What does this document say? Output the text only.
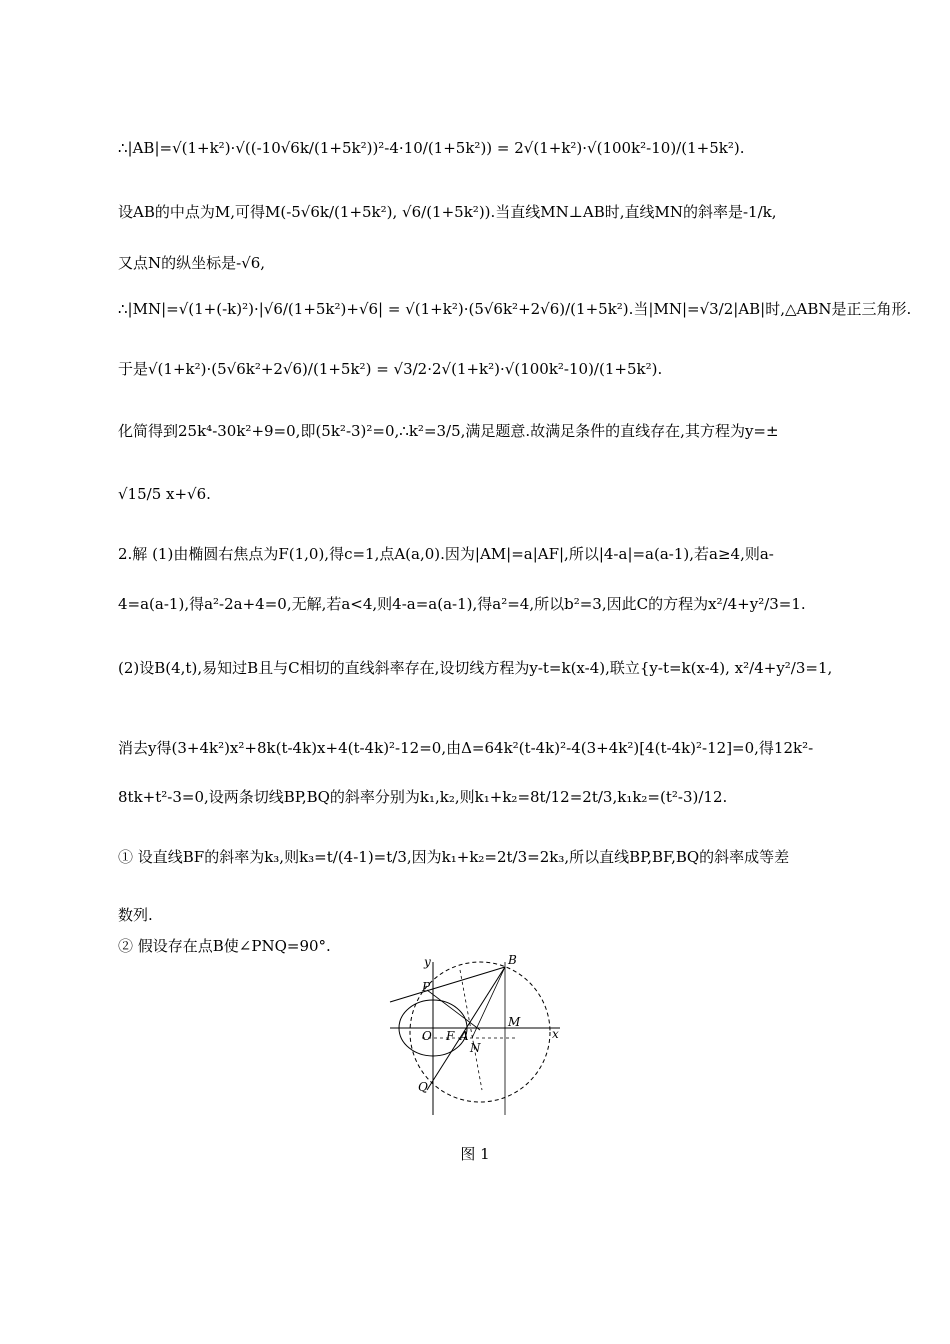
∴|AB|=√(1+k²)·√((-10√6k/(1+5k²))²-4·10/(1+5k²)) = 2√(1+k²)·√(100k²-10)/(1+5k²).
设AB的中点为M,可得M(-5√6k/(1+5k²), √6/(1+5k²)).当直线MN⊥AB时,直线MN的斜率是-1/k,
又点N的纵坐标是-√6,
∴|MN|=√(1+(-k)²)·|√6/(1+5k²)+√6| = √(1+k²)·(5√6k²+2√6)/(1+5k²).当|MN|=√3/2|AB|时,△ABN是正三角形.
于是√(1+k²)·(5√6k²+2√6)/(1+5k²) = √3/2·2√(1+k²)·√(100k²-10)/(1+5k²).
化简得到25k⁴-30k²+9=0,即(5k²-3)²=0,∴k²=3/5,满足题意.故满足条件的直线存在,其方程为y=±
√15/5 x+√6.
2.解 (1)由椭圆右焦点为F(1,0),得c=1,点A(a,0).因为|AM|=a|AF|,所以|4-a|=a(a-1),若a≥4,则a-
4=a(a-1),得a²-2a+4=0,无解,若a<4,则4-a=a(a-1),得a²=4,所以b²=3,因此C的方程为x²/4+y²/3=1.
(2)设B(4,t),易知过B且与C相切的直线斜率存在,设切线方程为y-t=k(x-4),联立{y-t=k(x-4), x²/4+y²/3=1,
消去y得(3+4k²)x²+8k(t-4k)x+4(t-4k)²-12=0,由Δ=64k²(t-4k)²-4(3+4k²)[4(t-4k)²-12]=0,得12k²-
8tk+t²-3=0,设两条切线BP,BQ的斜率分别为k₁,k₂,则k₁+k₂=8t/12=2t/3,k₁k₂=(t²-3)/12.
① 设直线BF的斜率为k₃,则k₃=t/(4-1)=t/3,因为k₁+k₂=2t/3=2k₃,所以直线BP,BF,BQ的斜率成等差
数列.
② 假设存在点B使∠PNQ=90°.
y	B
P
M
O F A	x
N
Q
图 1
